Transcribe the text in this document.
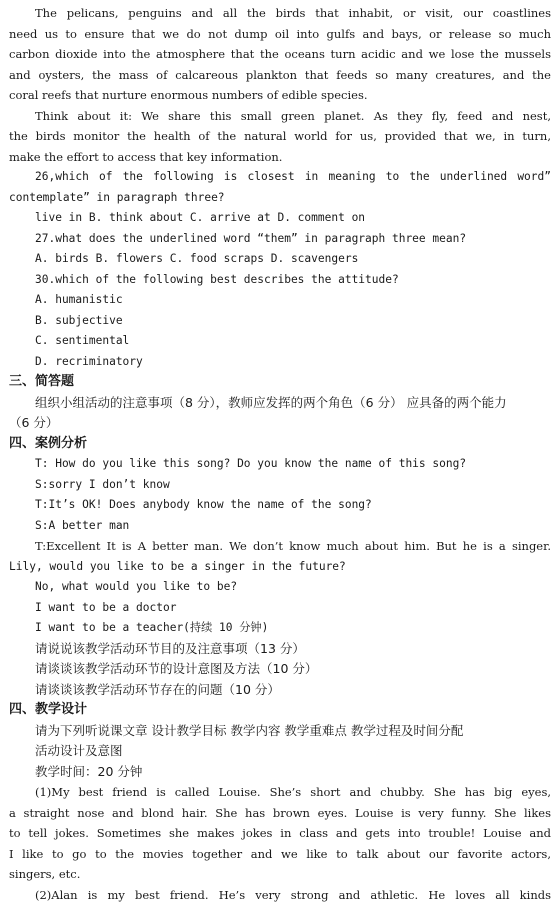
The pelicans, penguins and all the birds that inhabit, or visit, our coastlines
need us to ensure that we do not dump oil into gulfs and bays, or release so much
carbon dioxide into the atmosphere that the oceans turn acidic and we lose the mussels
and oysters, the mass of calcareous plankton that feeds so many creatures, and the
coral reefs that nurture enormous numbers of edible species.
Think about it: We share this small green planet. As they fly, feed and nest,
the birds monitor the health of the natural world for us, provided that we, in turn,
make the effort to access that key information.
26,which of the following is closest in meaning to the underlined word”
contemplate” in paragraph three?
live in B. think about C. arrive at D. comment on
27.what does the underlined word “them” in paragraph three mean?
A. birds B. flowers C. food scraps D. scavengers
30.which of the following best describes the attitude?
A. humanistic
B. subjective
C. sentimental
D. recriminatory
三、简答题
组织小组活动的注意事项（8 分），教师应发挥的两个角色（6 分） 应具备的两个能力
（6 分）
四、案例分析
T: How do you like this song? Do you know the name of this song?
S:sorry I don’t know
T:It’s OK! Does anybody know the name of the song?
S:A better man
T:Excellent It is A better man. We don’t know much about him. But he is a singer.
Lily, would you like to be a singer in the future?
No, what would you like to be?
I want to be a doctor
I want to be a teacher(持续 10 分钟)
请说说该教学活动环节目的及注意事项（13 分）
请谈谈该教学活动环节的设计意图及方法（10 分）
请谈谈该教学活动环节存在的问题（10 分）
四、教学设计
请为下列听说课文章 设计教学目标 教学内容 教学重难点 教学过程及时间分配
活动设计及意图
教学时间：20 分钟
(1)My best friend is called Louise. She’s short and chubby. She has big eyes,
a straight nose and blond hair. She has brown eyes. Louise is very funny. She likes
to tell jokes. Sometimes she makes jokes in class and gets into trouble! Louise and
I like to go to the movies together and we like to talk about our favorite actors,
singers, etc.
(2)Alan is my best friend. He’s very strong and athletic. He loves all kinds
